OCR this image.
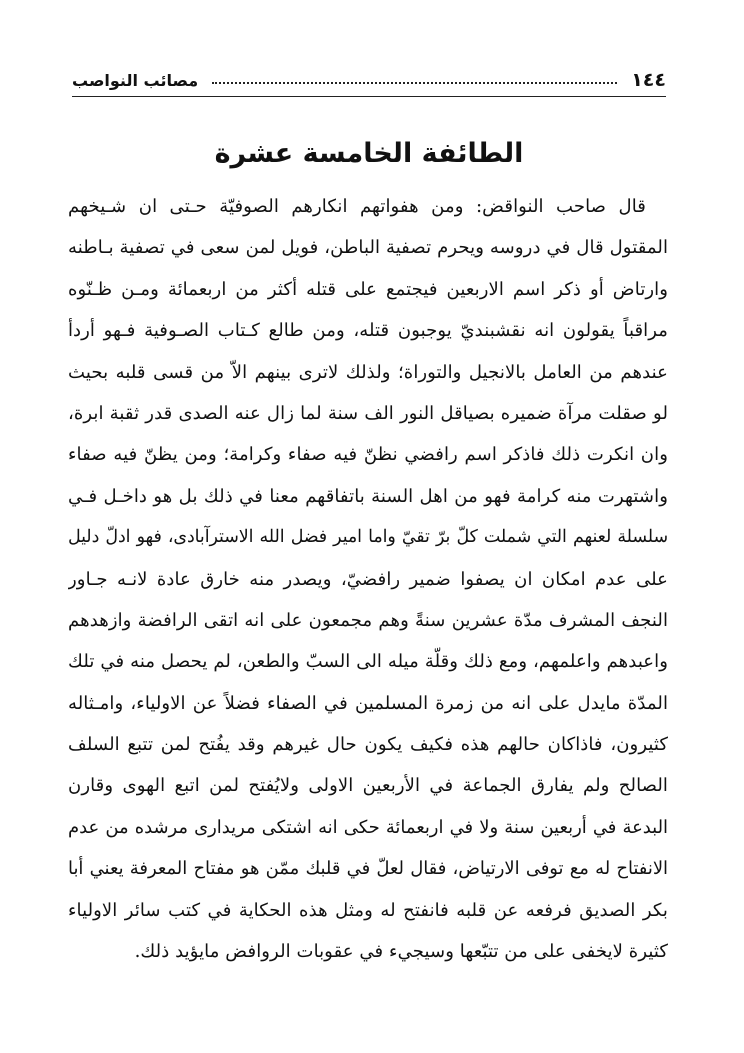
١٤٤
مصائب النواصب
الطائفة الخامسة عشرة
قال صاحب النواقض: ومن هفواتهم انكارهم الصوفيّة حـتى ان شـيخهم
المقتول قال في دروسه ويحرم تصفية الباطن، فويل لمن سعى في تصفية بـاطنه
وارتاض أو ذكر اسم الاربعين فيجتمع على قتله أكثر من اربعمائة ومـن ظـنّوه
مراقباً يقولون انه نقشبنديّ يوجبون قتله، ومن طالع كـتاب الصـوفية فـهو أردأ
عندهم من العامل بالانجيل والتوراة؛ ولذلك لاترى بينهم الاّ من قسى قلبه بحيث
لو صقلت مرآة ضميره بصياقل النور الف سنة لما زال عنه الصدى قدر ثقبة ابرة،
وان انكرت ذلك فاذكر اسم رافضي نظنّ فيه صفاء وكرامة؛ ومن يظنّ فيه صفاء
واشتهرت منه كرامة فهو من اهل السنة باتفاقهم معنا في ذلك بل هو داخـل فـي
سلسلة لعنهم التي شملت كلّ برّ تقيّ واما امير فضل الله الاسترآبادى، فهو ادلّ دليل
على عدم امكان ان يصفوا ضمير رافضيّ، ويصدر منه خارق عادة لانـه جـاور
النجف المشرف مدّة عشرين سنةً وهم مجمعون على انه اتقى الرافضة وازهدهم
واعبدهم واعلمهم، ومع ذلك وقلّة ميله الى السبّ والطعن، لم يحصل منه في تلك
المدّة مايدل على انه من زمرة المسلمين في الصفاء فضلاً عن الاولياء، وامـثاله
كثيرون، فاذاكان حالهم هذه فكيف يكون حال غيرهم وقد يفُتح لمن تتبع السلف
الصالح ولم يفارق الجماعة في الأربعين الاولى ولايُفتح لمن اتبع الهوى وقارن
البدعة في أربعين سنة ولا في اربعمائة حكى انه اشتكى مريدارى مرشده من عدم
الانفتاح له مع توفى الارتياض، فقال لعلّ في قلبك ممّن هو مفتاح المعرفة يعني أبا
بكر الصديق فرفعه عن قلبه فانفتح له ومثل هذه الحكاية في كتب سائر الاولياء
كثيرة لايخفى على من تتبّعها وسيجيء في عقوبات الروافض مايؤيد ذلك.
